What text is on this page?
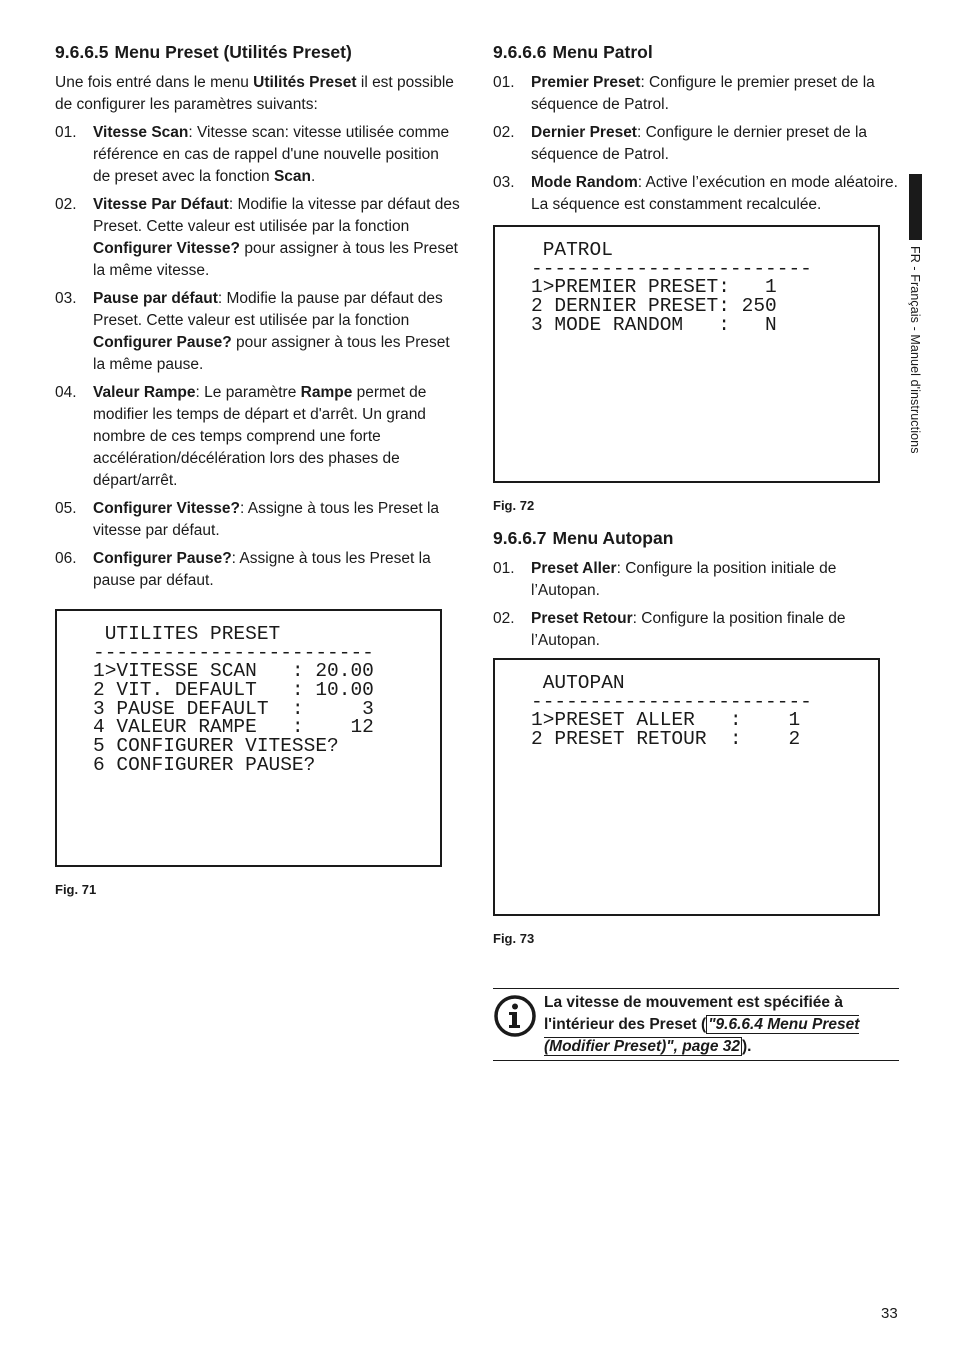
9.6.6.5 Menu Preset (Utilités Preset)

Une fois entré dans le menu Utilités Preset il est possible de configurer les paramètres suivants:

01. Vitesse Scan: Vitesse scan: vitesse utilisée comme référence en cas de rappel d'une nouvelle position de preset avec la fonction Scan.
02. Vitesse Par Défaut: Modifie la vitesse par défaut des Preset. Cette valeur est utilisée par la fonction Configurer Vitesse? pour assigner à tous les Preset la même vitesse.
03. Pause par défaut: Modifie la pause par défaut des Preset. Cette valeur est utilisée par la fonction Configurer Pause? pour assigner à tous les Preset la même pause.
04. Valeur Rampe: Le paramètre Rampe permet de modifier les temps de départ et d'arrêt. Un grand nombre de ces temps comprend une forte accélération/décélération lors des phases de départ/arrêt.
05. Configurer Vitesse?: Assigne à tous les Preset la vitesse par défaut.
06. Configurer Pause?: Assigne à tous les Preset la pause par défaut.
UTILITES PRESET
------------------------
1>VITESSE SCAN   : 20.00
2 VIT. DEFAULT   : 10.00
3 PAUSE DEFAULT  :     3
4 VALEUR RAMPE   :    12
5 CONFIGURER VITESSE?
6 CONFIGURER PAUSE?

Fig. 71

9.6.6.6 Menu Patrol
01. Premier Preset: Configure le premier preset de la séquence de Patrol.
02. Dernier Preset: Configure le dernier preset de la séquence de Patrol.
03. Mode Random: Active l’exécution en mode aléatoire. La séquence est constamment recalculée.
PATROL
------------------------
1>PREMIER PRESET:   1
2 DERNIER PRESET: 250
3 MODE RANDOM   :   N

Fig. 72

9.6.6.7 Menu Autopan
01. Preset Aller: Configure la position initiale de l’Autopan.
02. Preset Retour: Configure la position finale de l’Autopan.
AUTOPAN
------------------------
1>PRESET ALLER   :    1
2 PRESET RETOUR  :    2

Fig. 73

La vitesse de mouvement est spécifiée à l'intérieur des Preset ( "9.6.6.4 Menu Preset (Modifier Preset)", page 32 ).
FR - Français - Manuel d'instructions
33
